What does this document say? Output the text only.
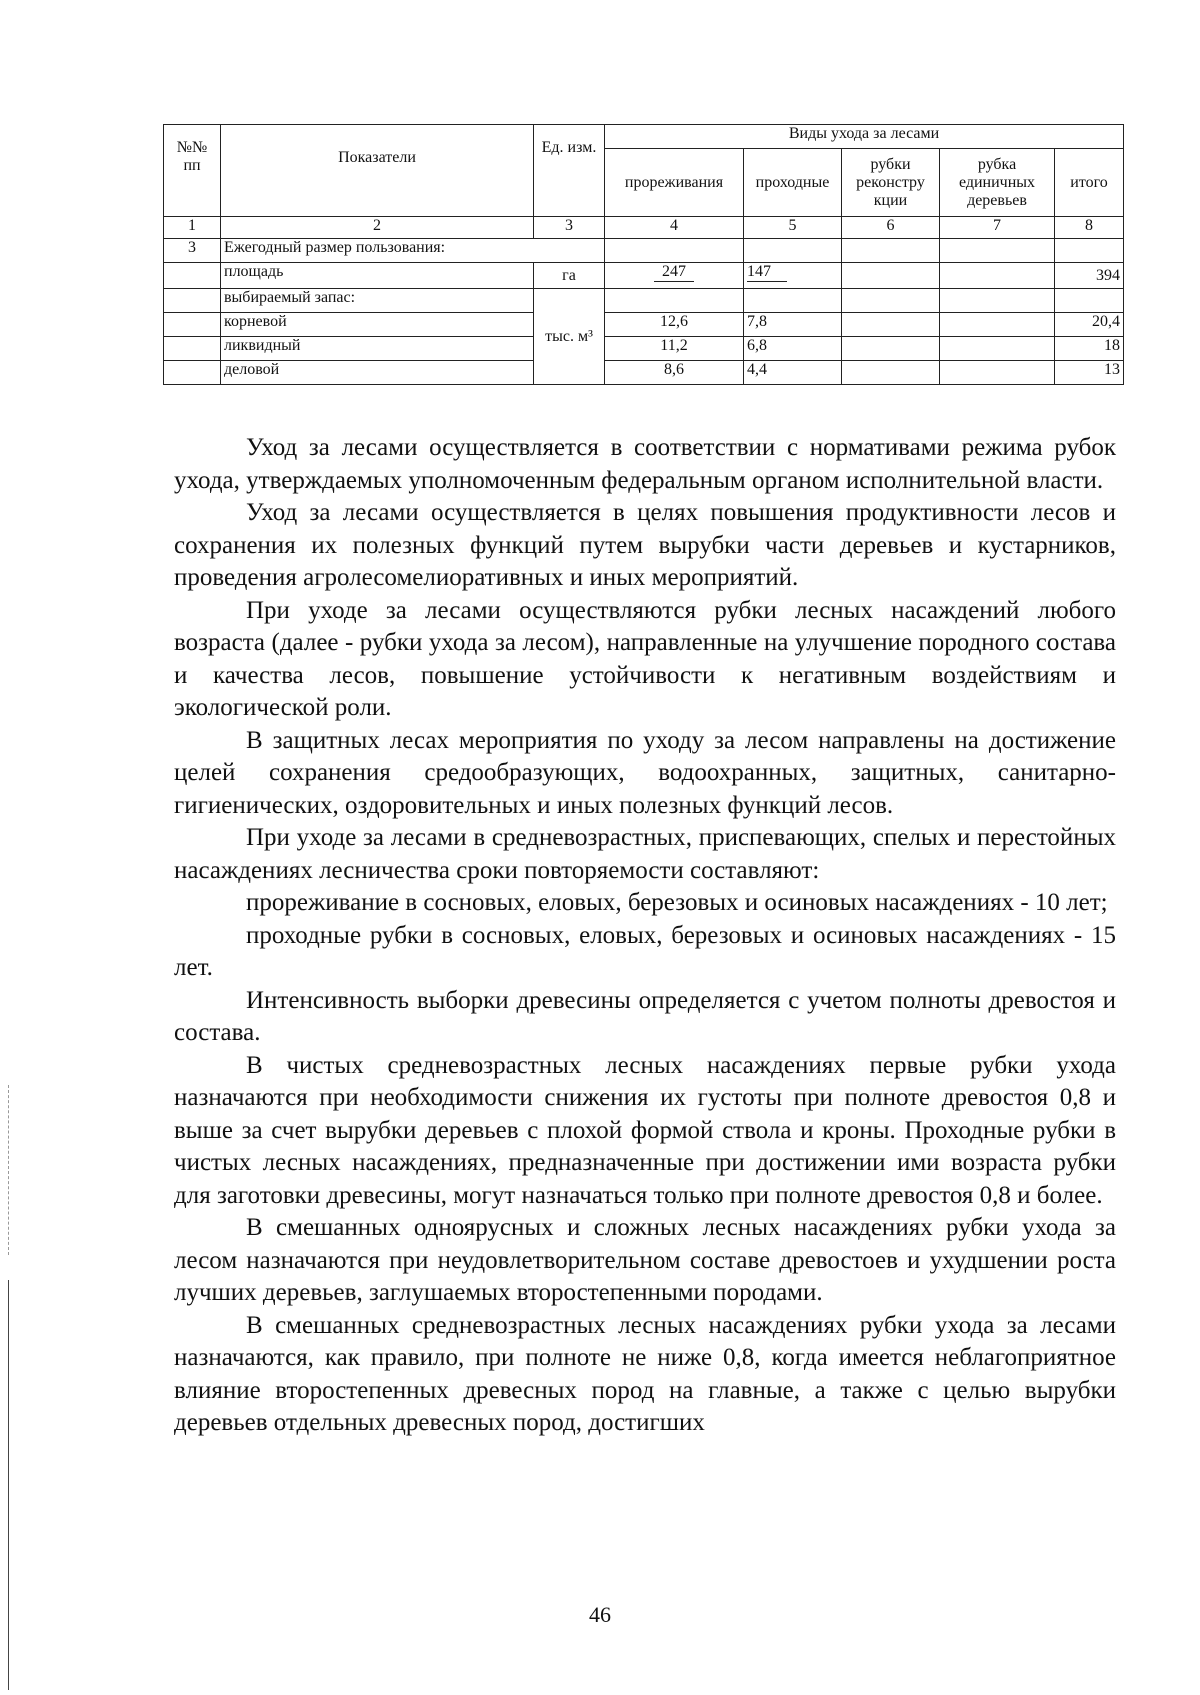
№№ пп	Показатели	Ед. изм.	Виды ухода за лесами				
			прореживания	проходные	рубки реконстру кции	рубка единичных деревьев	итого
1	2	3	4	5	6	7	8
3	Ежегодный размер пользования:						
	площадь	га	247	147			394
	выбираемый запас:	тыс. м³					
	корневой		12,6	7,8			20,4
	ликвидный		11,2	6,8			18
	деловой		8,6	4,4			13

Уход за лесами осуществляется в соответствии с нормативами режима рубок ухода, утверждаемых уполномоченным федеральным органом исполнительной власти.

Уход за лесами осуществляется в целях повышения продуктивности лесов и сохранения их полезных функций путем вырубки части деревьев и кустарников, проведения агролесомелиоративных и иных мероприятий.

При уходе за лесами осуществляются рубки лесных насаждений любого возраста (далее - рубки ухода за лесом), направленные на улучшение породного состава и качества лесов, повышение устойчивости к негативным воздействиям и экологической роли.

В защитных лесах мероприятия по уходу за лесом направлены на достижение целей сохранения средообразующих, водоохранных, защитных, санитарно-гигиенических, оздоровительных и иных полезных функций лесов.

При уходе за лесами в средневозрастных, приспевающих, спелых и перестойных насаждениях лесничества сроки повторяемости составляют:

прореживание в сосновых, еловых, березовых и осиновых насаждениях - 10 лет;

проходные рубки в сосновых, еловых, березовых и осиновых насаждениях - 15 лет.

Интенсивность выборки древесины определяется с учетом полноты древостоя и состава.

В чистых средневозрастных лесных насаждениях первые рубки ухода назначаются при необходимости снижения их густоты при полноте древостоя 0,8 и выше за счет вырубки деревьев с плохой формой ствола и кроны. Проходные рубки в чистых лесных насаждениях, предназначенные при достижении ими возраста рубки для заготовки древесины, могут назначаться только при полноте древостоя 0,8 и более.

В смешанных одноярусных и сложных лесных насаждениях рубки ухода за лесом назначаются при неудовлетворительном составе древостоев и ухудшении роста лучших деревьев, заглушаемых второстепенными породами.

В смешанных средневозрастных лесных насаждениях рубки ухода за лесами назначаются, как правило, при полноте не ниже 0,8, когда имеется неблагоприятное влияние второстепенных древесных пород на главные, а также с целью вырубки деревьев отдельных древесных пород, достигших

46
